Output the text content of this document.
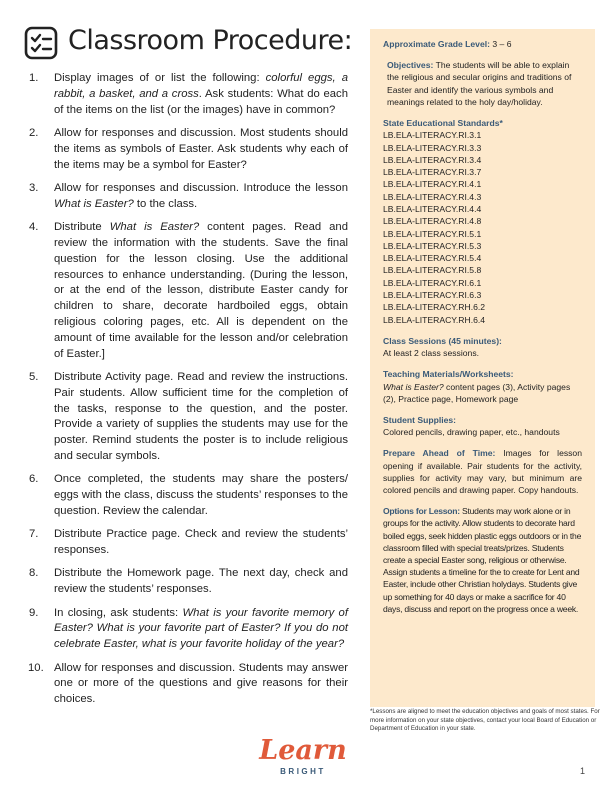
Classroom Procedure:
1.	Display images of or list the following: colorful eggs, a rabbit, a basket, and a cross. Ask students: What do each of the items on the list (or the images) have in common?
2.	Allow for responses and discussion. Most students should the items as symbols of Easter. Ask students why each of the items may be a symbol for Easter?
3.	Allow for responses and discussion. Introduce the lesson What is Easter? to the class.
4.	Distribute What is Easter? content pages. Read and review the information with the students. Save the final question for the lesson closing. Use the additional resources to enhance understanding. (During the lesson, or at the end of the lesson, distribute Easter candy for children to share, decorate hardboiled eggs, obtain religious coloring pages, etc. All is dependent on the amount of time available for the lesson and/or celebration of Easter.]
5.	Distribute Activity page. Read and review the instructions. Pair students. Allow sufficient time for the completion of the tasks, response to the question, and the poster. Provide a variety of supplies the students may use for the poster. Remind students the poster is to include religious and secular symbols.
6.	Once completed, the students may share the posters/ eggs with the class, discuss the students’ responses to the question. Review the calendar.
7.	Distribute Practice page. Check and review the students’ responses.
8.	Distribute the Homework page. The next day, check and review the students’ responses.
9.	In closing, ask students: What is your favorite memory of Easter? What is your favorite part of Easter? If you do not celebrate Easter, what is your favorite holiday of the year?
10. Allow for responses and discussion. Students may answer one or more of the questions and give reasons for their choices.
Approximate Grade Level: 3 – 6
Objectives: The students will be able to explain the religious and secular origins and traditions of Easter and identify the various symbols and meanings related to the holy day/holiday.
State Educational Standards*
LB.ELA-LITERACY.RI.3.1
LB.ELA-LITERACY.RI.3.3
LB.ELA-LITERACY.RI.3.4
LB.ELA-LITERACY.RI.3.7
LB.ELA-LITERACY.RI.4.1
LB.ELA-LITERACY.RI.4.3
LB.ELA-LITERACY.RI.4.4
LB.ELA-LITERACY.RI.4.8
LB.ELA-LITERACY.RI.5.1
LB.ELA-LITERACY.RI.5.3
LB.ELA-LITERACY.RI.5.4
LB.ELA-LITERACY.RI.5.8
LB.ELA-LITERACY.RI.6.1
LB.ELA-LITERACY.RI.6.3
LB.ELA-LITERACY.RH.6.2
LB.ELA-LITERACY.RH.6.4
Class Sessions (45 minutes):
At least 2 class sessions.
Teaching Materials/Worksheets:
What is Easter? content pages (3), Activity pages (2), Practice page, Homework page
Student Supplies:
Colored pencils, drawing paper, etc., handouts
Prepare Ahead of Time: Images for lesson opening if available. Pair students for the activity, supplies for activity may vary, but minimum are colored pencils and drawing paper. Copy handouts.
Options for Lesson: Students may work alone or in groups for the activity. Allow students to decorate hard boiled eggs, seek hidden plastic eggs outdoors or in the classroom filled with special treats/prizes. Students create a special Easter song, religious or otherwise. Assign students a timeline for the to create for Lent and Easter, include other Christian holydays. Students give up something for 40 days or make a sacrifice for 40 days, discuss and report on the progress once a week.

*Lessons are aligned to meet the education objectives and goals of most states. For more information on your state objectives, contact your local Board of Education or Department of Education in your state.

Learn
BRIGHT	1
